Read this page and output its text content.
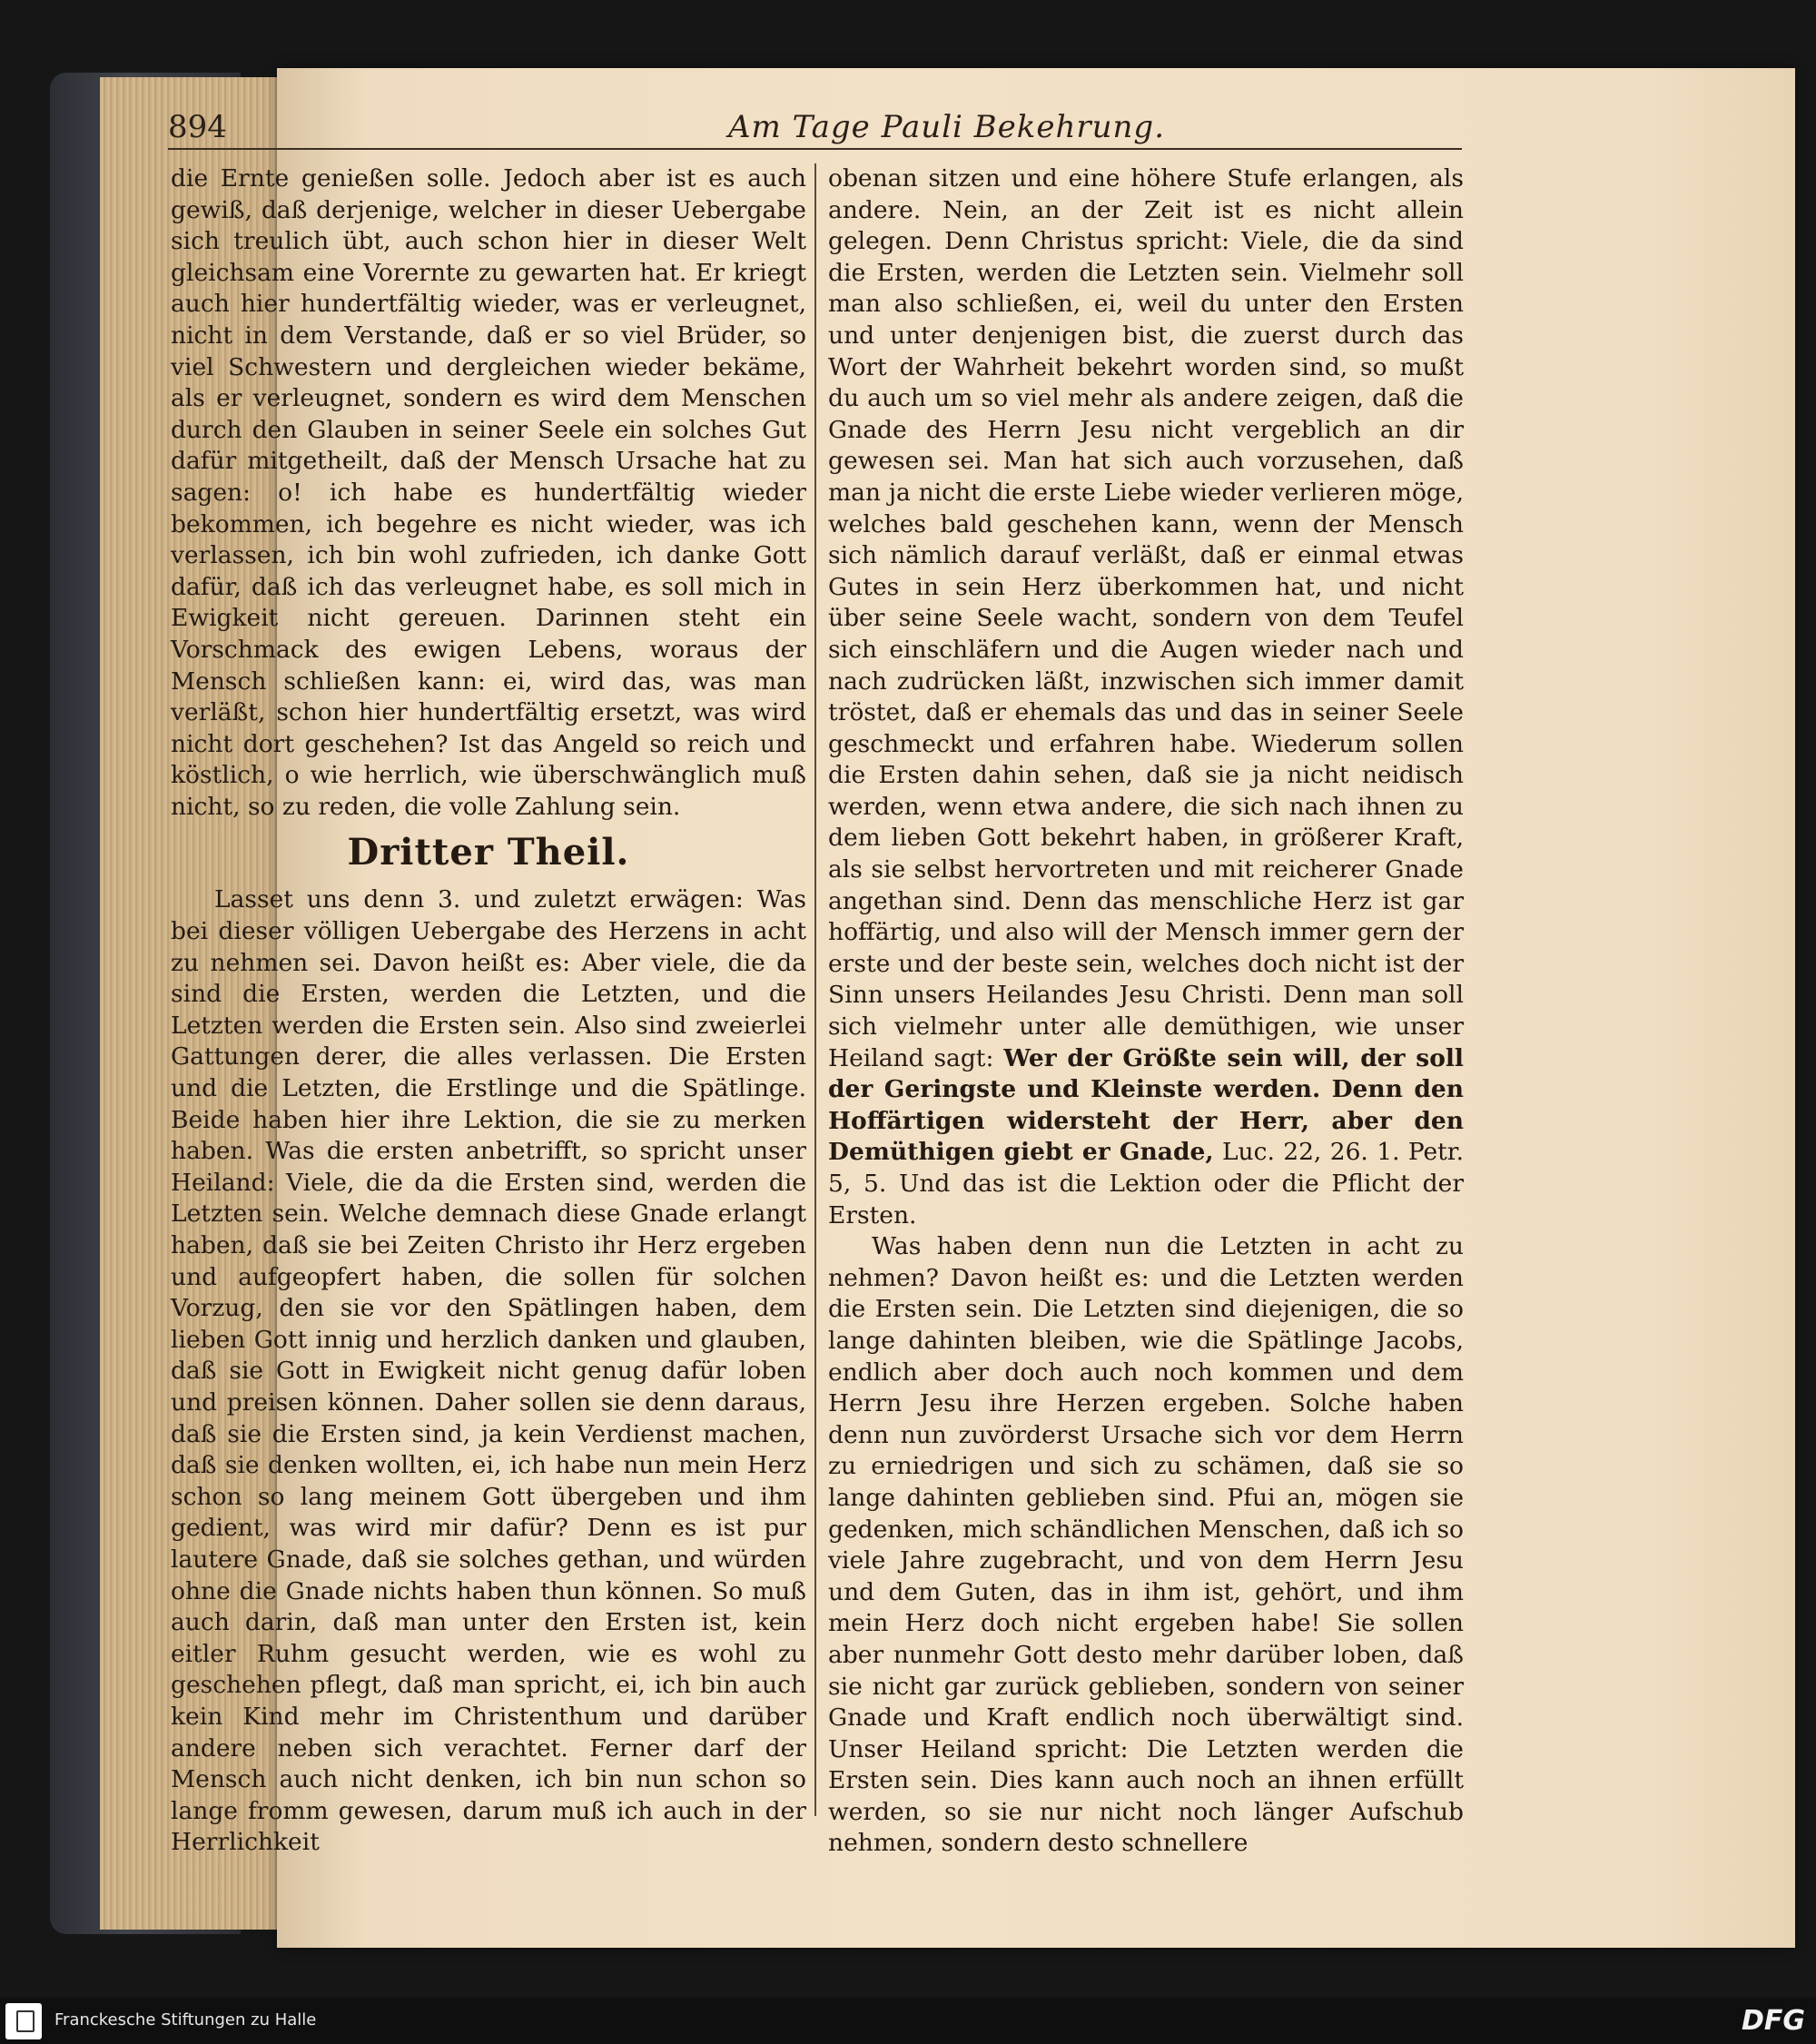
894	Am Tage Pauli Bekehrung.

die Ernte genießen solle. Jedoch aber ist es auch gewiß, daß derjenige, welcher in dieser Uebergabe sich treulich übt, auch schon hier in dieser Welt gleichsam eine Vorernte zu gewarten hat. Er kriegt auch hier hundertfältig wieder, was er verleugnet, nicht in dem Verstande, daß er so viel Brüder, so viel Schwestern und dergleichen wieder bekäme, als er verleugnet, sondern es wird dem Menschen durch den Glauben in seiner Seele ein solches Gut dafür mitgetheilt, daß der Mensch Ursache hat zu sagen: o! ich habe es hundertfältig wieder bekommen, ich begehre es nicht wieder, was ich verlassen, ich bin wohl zufrieden, ich danke Gott dafür, daß ich das verleugnet habe, es soll mich in Ewigkeit nicht gereuen. Darinnen steht ein Vorschmack des ewigen Lebens, woraus der Mensch schließen kann: ei, wird das, was man verläßt, schon hier hundertfältig ersetzt, was wird nicht dort geschehen? Ist das Angeld so reich und köstlich, o wie herrlich, wie überschwänglich muß nicht, so zu reden, die volle Zahlung sein.

Dritter Theil.

Lasset uns denn 3. und zuletzt erwägen: Was bei dieser völligen Uebergabe des Herzens in acht zu nehmen sei. Davon heißt es: Aber viele, die da sind die Ersten, werden die Letzten, und die Letzten werden die Ersten sein. Also sind zweierlei Gattungen derer, die alles verlassen. Die Ersten und die Letzten, die Erstlinge und die Spätlinge. Beide haben hier ihre Lektion, die sie zu merken haben. Was die ersten anbetrifft, so spricht unser Heiland: Viele, die da die Ersten sind, werden die Letzten sein. Welche demnach diese Gnade erlangt haben, daß sie bei Zeiten Christo ihr Herz ergeben und aufgeopfert haben, die sollen für solchen Vorzug, den sie vor den Spätlingen haben, dem lieben Gott innig und herzlich danken und glauben, daß sie Gott in Ewigkeit nicht genug dafür loben und preisen können. Daher sollen sie denn daraus, daß sie die Ersten sind, ja kein Verdienst machen, daß sie denken wollten, ei, ich habe nun mein Herz schon so lang meinem Gott übergeben und ihm gedient, was wird mir dafür? Denn es ist pur lautere Gnade, daß sie solches gethan, und würden ohne die Gnade nichts haben thun können. So muß auch darin, daß man unter den Ersten ist, kein eitler Ruhm gesucht werden, wie es wohl zu geschehen pflegt, daß man spricht, ei, ich bin auch kein Kind mehr im Christenthum und darüber andere neben sich verachtet. Ferner darf der Mensch auch nicht denken, ich bin nun schon so lange fromm gewesen, darum muß ich auch in der Herrlichkeit

obenan sitzen und eine höhere Stufe erlangen, als andere. Nein, an der Zeit ist es nicht allein gelegen. Denn Christus spricht: Viele, die da sind die Ersten, werden die Letzten sein. Vielmehr soll man also schließen, ei, weil du unter den Ersten und unter denjenigen bist, die zuerst durch das Wort der Wahrheit bekehrt worden sind, so mußt du auch um so viel mehr als andere zeigen, daß die Gnade des Herrn Jesu nicht vergeblich an dir gewesen sei. Man hat sich auch vorzusehen, daß man ja nicht die erste Liebe wieder verlieren möge, welches bald geschehen kann, wenn der Mensch sich nämlich darauf verläßt, daß er einmal etwas Gutes in sein Herz überkommen hat, und nicht über seine Seele wacht, sondern von dem Teufel sich einschläfern und die Augen wieder nach und nach zudrücken läßt, inzwischen sich immer damit tröstet, daß er ehemals das und das in seiner Seele geschmeckt und erfahren habe. Wiederum sollen die Ersten dahin sehen, daß sie ja nicht neidisch werden, wenn etwa andere, die sich nach ihnen zu dem lieben Gott bekehrt haben, in größerer Kraft, als sie selbst hervortreten und mit reicherer Gnade angethan sind. Denn das menschliche Herz ist gar hoffärtig, und also will der Mensch immer gern der erste und der beste sein, welches doch nicht ist der Sinn unsers Heilandes Jesu Christi. Denn man soll sich vielmehr unter alle demüthigen, wie unser Heiland sagt: Wer der Größte sein will, der soll der Geringste und Kleinste werden. Denn den Hoffärtigen widersteht der Herr, aber den Demüthigen giebt er Gnade, Luc. 22, 26. 1. Petr. 5, 5. Und das ist die Lektion oder die Pflicht der Ersten.

Was haben denn nun die Letzten in acht zu nehmen? Davon heißt es: und die Letzten werden die Ersten sein. Die Letzten sind diejenigen, die so lange dahinten bleiben, wie die Spätlinge Jacobs, endlich aber doch auch noch kommen und dem Herrn Jesu ihre Herzen ergeben. Solche haben denn nun zuvörderst Ursache sich vor dem Herrn zu erniedrigen und sich zu schämen, daß sie so lange dahinten geblieben sind. Pfui an, mögen sie gedenken, mich schändlichen Menschen, daß ich so viele Jahre zugebracht, und von dem Herrn Jesu und dem Guten, das in ihm ist, gehört, und ihm mein Herz doch nicht ergeben habe! Sie sollen aber nunmehr Gott desto mehr darüber loben, daß sie nicht gar zurück geblieben, sondern von seiner Gnade und Kraft endlich noch überwältigt sind. Unser Heiland spricht: Die Letzten werden die Ersten sein. Dies kann auch noch an ihnen erfüllt werden, so sie nur nicht noch länger Aufschub nehmen, sondern desto schnellere

Franckesche Stiftungen zu Halle	DFG
